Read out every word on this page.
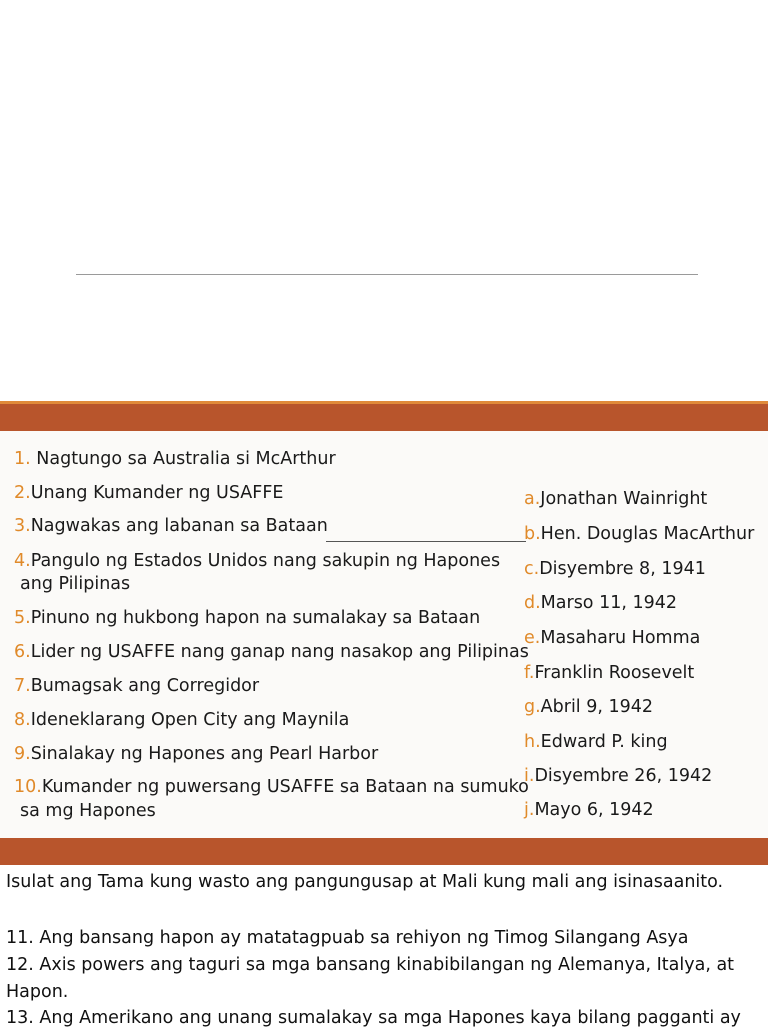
1. Nagtungo sa Australia si McArthur
2.Unang Kumander ng USAFFE
3.Nagwakas ang labanan sa Bataan
4.Pangulo ng Estados Unidos nang sakupin ng Hapones
ang Pilipinas
5.Pinuno ng hukbong hapon na sumalakay sa Bataan
6.Lider ng USAFFE nang ganap nang nasakop ang Pilipinas
7.Bumagsak ang Corregidor
8.Ideneklarang Open City ang Maynila
9.Sinalakay ng Hapones ang Pearl Harbor
10.Kumander ng puwersang USAFFE sa Bataan na sumuko
sa mg Hapones
a.Jonathan Wainright
b.Hen. Douglas MacArthur
c.Disyembre 8, 1941
d.Marso 11, 1942
e.Masaharu Homma
f.Franklin Roosevelt
g.Abril 9, 1942
h.Edward P. king
i.Disyembre 26, 1942
j.Mayo 6, 1942
Isulat ang Tama kung wasto ang pangungusap at Mali kung mali ang isinasaanito.
11. Ang bansang hapon ay matatagpuab sa rehiyon ng Timog Silangang Asya
12. Axis powers ang taguri sa mga bansang kinabibilangan ng Alemanya, Italya, at
Hapon.
13. Ang Amerikano ang unang sumalakay sa mga Hapones kaya bilang pagganti ay
